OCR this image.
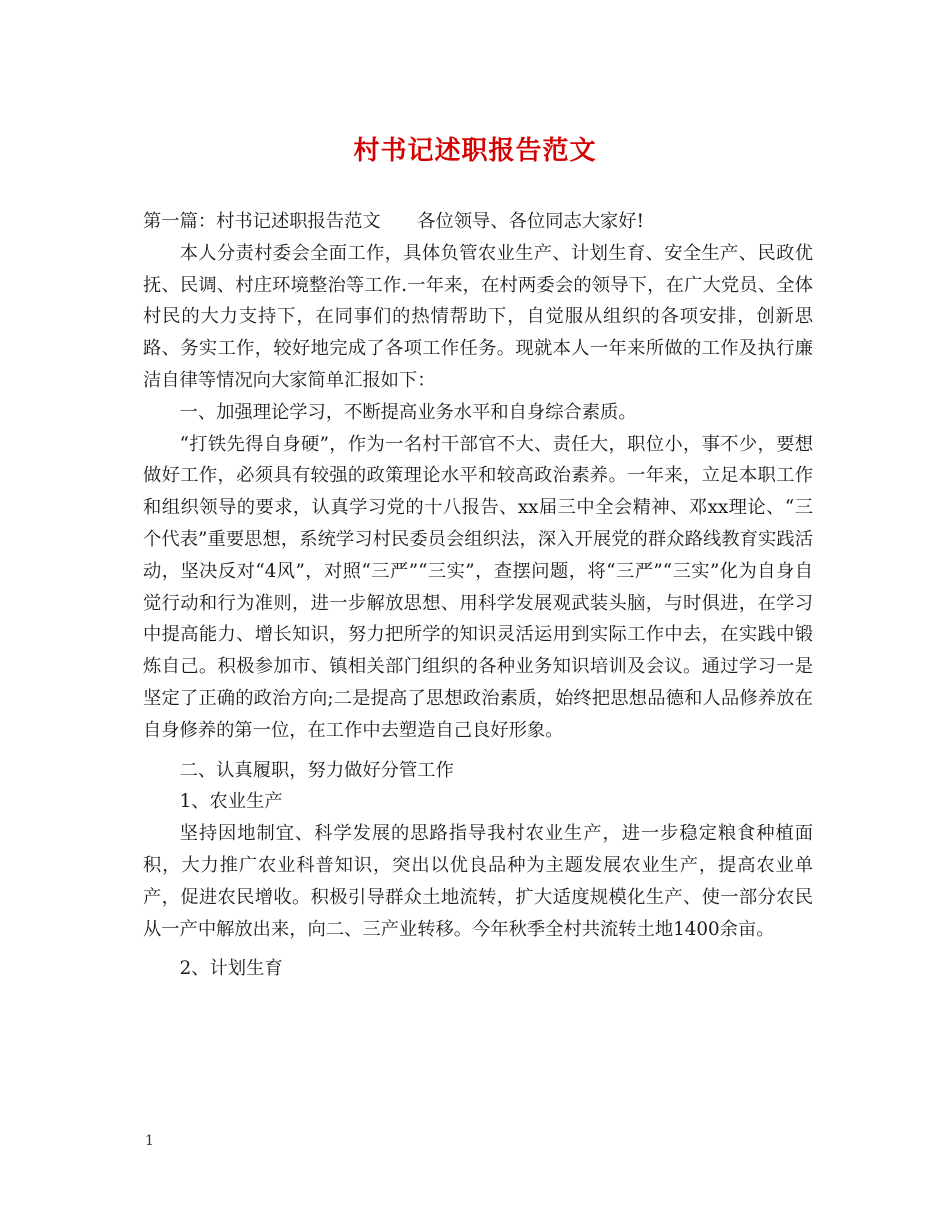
村书记述职报告范文

第一篇：村书记述职报告范文　　各位领导、各位同志大家好!

本人分责村委会全面工作，具体负管农业生产、计划生育、安全生产、民政优抚、民调、村庄环境整治等工作.一年来，在村两委会的领导下，在广大党员、全体村民的大力支持下，在同事们的热情帮助下，自觉服从组织的各项安排，创新思路、务实工作，较好地完成了各项工作任务。现就本人一年来所做的工作及执行廉洁自律等情况向大家简单汇报如下：

一、加强理论学习，不断提高业务水平和自身综合素质。

“打铁先得自身硬”，作为一名村干部官不大、责任大，职位小，事不少，要想做好工作，必须具有较强的政策理论水平和较高政治素养。一年来，立足本职工作和组织领导的要求，认真学习党的十八报告、xx届三中全会精神、邓xx理论、“三个代表”重要思想，系统学习村民委员会组织法，深入开展党的群众路线教育实践活动，坚决反对“4风”，对照“三严”“三实”，查摆问题，将“三严”“三实”化为自身自觉行动和行为准则，进一步解放思想、用科学发展观武装头脑，与时俱进，在学习中提高能力、增长知识，努力把所学的知识灵活运用到实际工作中去，在实践中锻炼自己。积极参加市、镇相关部门组织的各种业务知识培训及会议。通过学习一是坚定了正确的政治方向;二是提高了思想政治素质，始终把思想品德和人品修养放在自身修养的第一位，在工作中去塑造自己良好形象。

二、认真履职，努力做好分管工作

1、农业生产

坚持因地制宜、科学发展的思路指导我村农业生产，进一步稳定粮食种植面积，大力推广农业科普知识，突出以优良品种为主题发展农业生产，提高农业单产，促进农民增收。积极引导群众土地流转，扩大适度规模化生产、使一部分农民从一产中解放出来，向二、三产业转移。今年秋季全村共流转土地1400余亩。

2、计划生育

1
